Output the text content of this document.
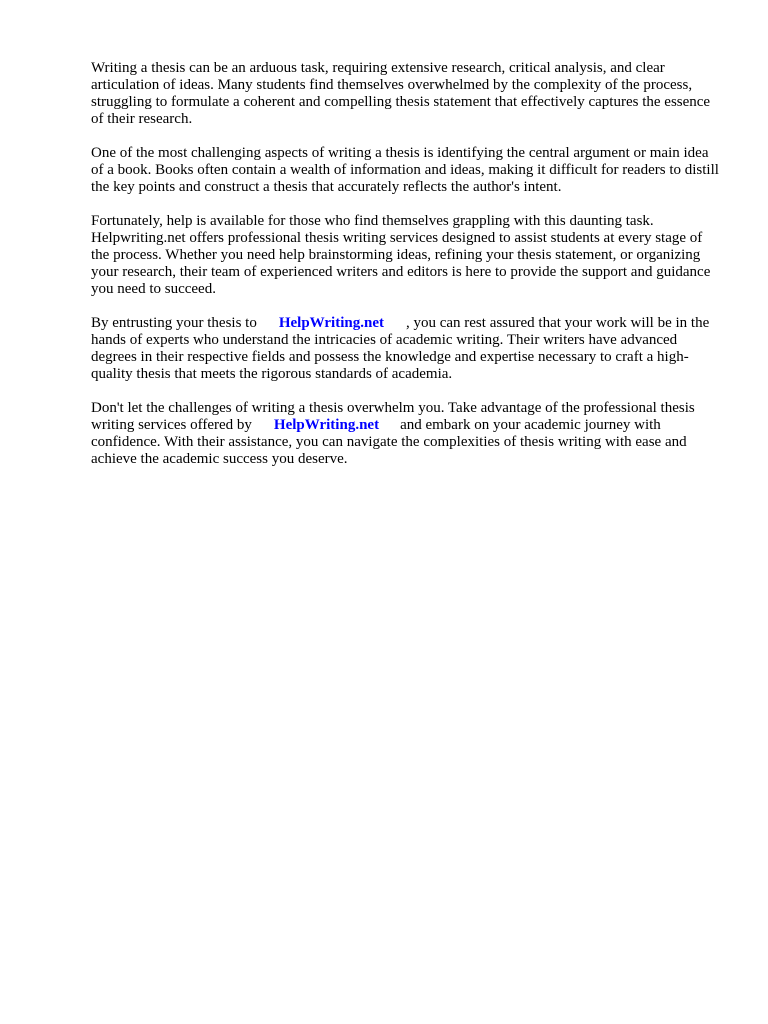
Writing a thesis can be an arduous task, requiring extensive research, critical analysis, and clear articulation of ideas. Many students find themselves overwhelmed by the complexity of the process, struggling to formulate a coherent and compelling thesis statement that effectively captures the essence of their research.

One of the most challenging aspects of writing a thesis is identifying the central argument or main idea of a book. Books often contain a wealth of information and ideas, making it difficult for readers to distill the key points and construct a thesis that accurately reflects the author's intent.

Fortunately, help is available for those who find themselves grappling with this daunting task. Helpwriting.net offers professional thesis writing services designed to assist students at every stage of the process. Whether you need help brainstorming ideas, refining your thesis statement, or organizing your research, their team of experienced writers and editors is here to provide the support and guidance you need to succeed.

By entrusting your thesis to HelpWriting.net , you can rest assured that your work will be in the hands of experts who understand the intricacies of academic writing. Their writers have advanced degrees in their respective fields and possess the knowledge and expertise necessary to craft a high-quality thesis that meets the rigorous standards of academia.

Don't let the challenges of writing a thesis overwhelm you. Take advantage of the professional thesis writing services offered by HelpWriting.net and embark on your academic journey with confidence. With their assistance, you can navigate the complexities of thesis writing with ease and achieve the academic success you deserve.
